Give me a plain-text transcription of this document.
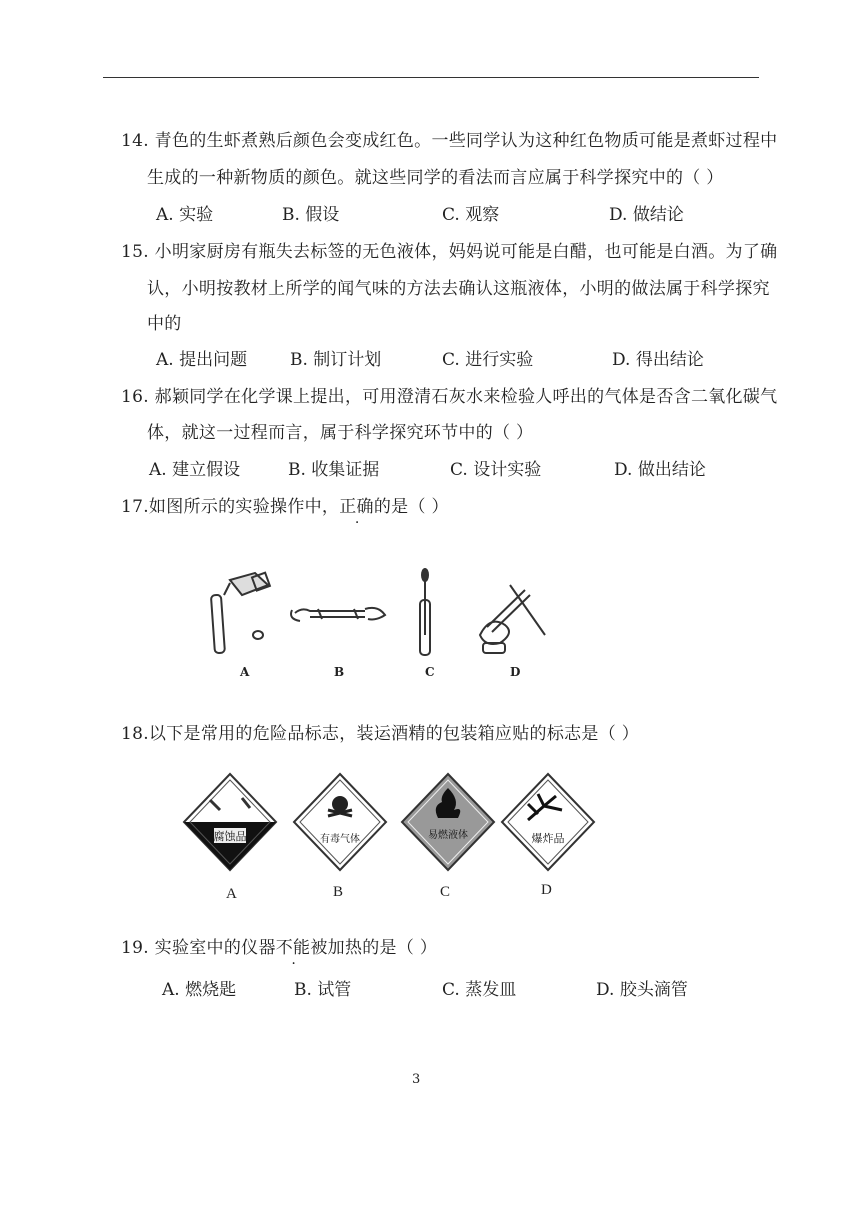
14. 青色的生虾煮熟后颜色会变成红色。一些同学认为这种红色物质可能是煮虾过程中
生成的一种新物质的颜色。就这些同学的看法而言应属于科学探究中的（ ）
A. 实验	B. 假设	C. 观察	D. 做结论
15. 小明家厨房有瓶失去标签的无色液体，妈妈说可能是白醋，也可能是白酒。为了确
认，小明按教材上所学的闻气味的方法去确认这瓶液体，小明的做法属于科学探究
中的
A. 提出问题	B. 制订计划	C. 进行实验	D. 得出结论
16. 郝颖同学在化学课上提出，可用澄清石灰水来检验人呼出的气体是否含二氧化碳气
体，就这一过程而言，属于科学探究环节中的（ ）
A. 建立假设	B. 收集证据	C. 设计实验	D. 做出结论
17.如图所示的实验操作中，正确的是（ ）
A	B	C	D
18.以下是常用的危险品标志，装运酒精的包装箱应贴的标志是（ ）
腐蚀品	有毒气体	易燃液体	爆炸品
A	B	C	D
19. 实验室中的仪器不能被加热的是（ ）
A. 燃烧匙	B. 试管	C. 蒸发皿	D. 胶头滴管
3
